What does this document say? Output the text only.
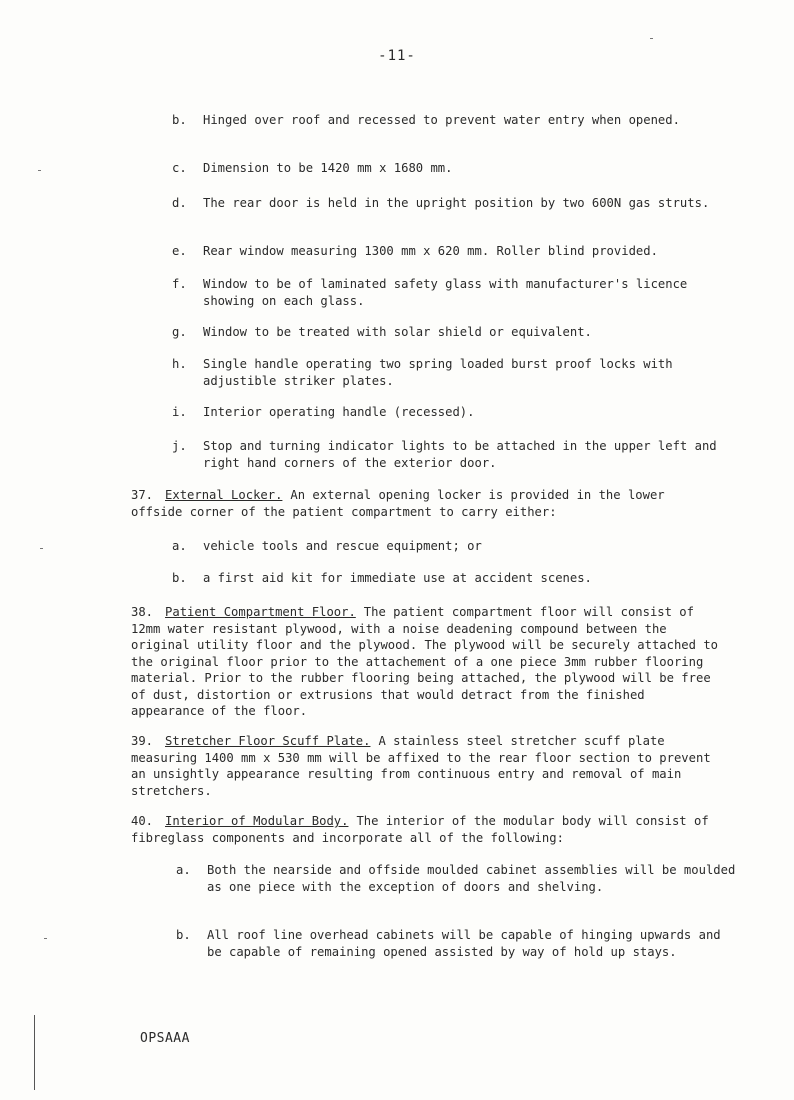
-11-
b. Hinged over roof and recessed to prevent water entry when opened.
c. Dimension to be 1420 mm x 1680 mm.
d. The rear door is held in the upright position by two 600N gas struts.
e. Rear window measuring 1300 mm x 620 mm. Roller blind provided.
f. Window to be of laminated safety glass with manufacturer's licence showing on each glass.
g. Window to be treated with solar shield or equivalent.
h. Single handle operating two spring loaded burst proof locks with adjustible striker plates.
i. Interior operating handle (recessed).
j. Stop and turning indicator lights to be attached in the upper left and right hand corners of the exterior door.
37. External Locker. An external opening locker is provided in the lower offside corner of the patient compartment to carry either:
a. vehicle tools and rescue equipment; or
b. a first aid kit for immediate use at accident scenes.
38. Patient Compartment Floor. The patient compartment floor will consist of 12mm water resistant plywood, with a noise deadening compound between the original utility floor and the plywood. The plywood will be securely attached to the original floor prior to the attachement of a one piece 3mm rubber flooring material. Prior to the rubber flooring being attached, the plywood will be free of dust, distortion or extrusions that would detract from the finished appearance of the floor.
39. Stretcher Floor Scuff Plate. A stainless steel stretcher scuff plate measuring 1400 mm x 530 mm will be affixed to the rear floor section to prevent an unsightly appearance resulting from continuous entry and removal of main stretchers.
40. Interior of Modular Body. The interior of the modular body will consist of fibreglass components and incorporate all of the following:
a. Both the nearside and offside moulded cabinet assemblies will be moulded as one piece with the exception of doors and shelving.
b. All roof line overhead cabinets will be capable of hinging upwards and be capable of remaining opened assisted by way of hold up stays.
OPSAAA
